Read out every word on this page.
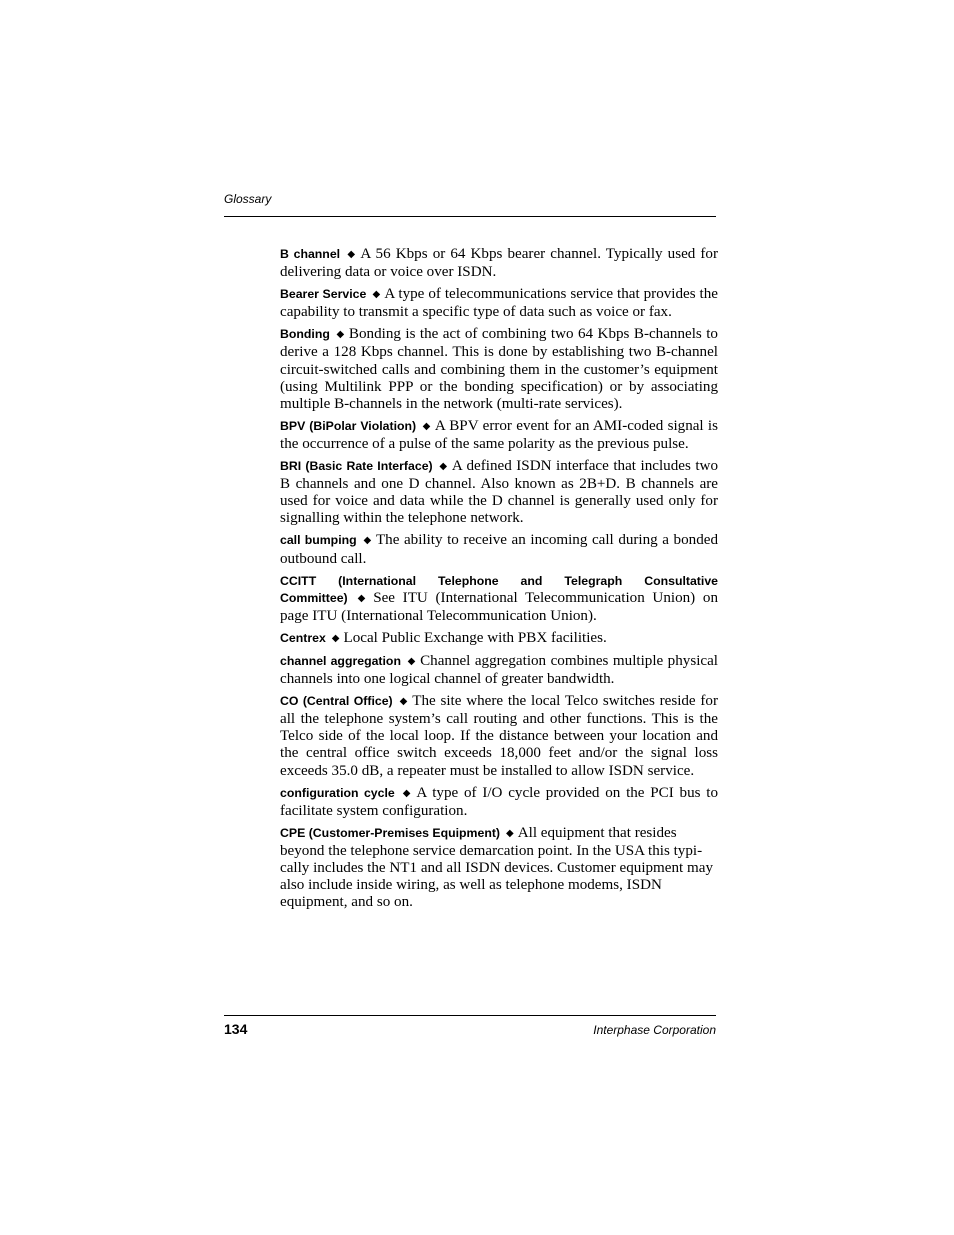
Glossary

B channel ◆ A 56 Kbps or 64 Kbps bearer channel. Typically used for delivering data or voice over ISDN.

Bearer Service ◆ A type of telecommunications service that provides the capability to transmit a specific type of data such as voice or fax.

Bonding ◆ Bonding is the act of combining two 64 Kbps B-channels to derive a 128 Kbps channel. This is done by establishing two B-channel circuit-switched calls and combining them in the customer’s equipment (using Multilink PPP or the bonding specification) or by associating multiple B-channels in the network (multi-rate services).

BPV (BiPolar Violation) ◆ A BPV error event for an AMI-coded signal is the occurrence of a pulse of the same polarity as the previous pulse.

BRI (Basic Rate Interface) ◆ A defined ISDN interface that includes two B channels and one D channel. Also known as 2B+D. B channels are used for voice and data while the D channel is generally used only for signalling within the telephone network.

call bumping ◆ The ability to receive an incoming call during a bonded outbound call.

CCITT (International Telephone and Telegraph Consultative Committee) ◆ See ITU (International Telecommunication Union) on page ITU (International Telecommunication Union).

Centrex ◆ Local Public Exchange with PBX facilities.

channel aggregation ◆ Channel aggregation combines multiple physical channels into one logical channel of greater bandwidth.

CO (Central Office) ◆ The site where the local Telco switches reside for all the telephone system’s call routing and other functions. This is the Telco side of the local loop. If the distance between your location and the central office switch exceeds 18,000 feet and/or the signal loss exceeds 35.0 dB, a repeater must be installed to allow ISDN service.

configuration cycle ◆ A type of I/O cycle provided on the PCI bus to facilitate system configuration.

CPE (Customer-Premises Equipment) ◆ All equipment that resides beyond the telephone service demarcation point. In the USA this typically includes the NT1 and all ISDN devices. Customer equipment may also include inside wiring, as well as telephone modems, ISDN equipment, and so on.

134	Interphase Corporation
